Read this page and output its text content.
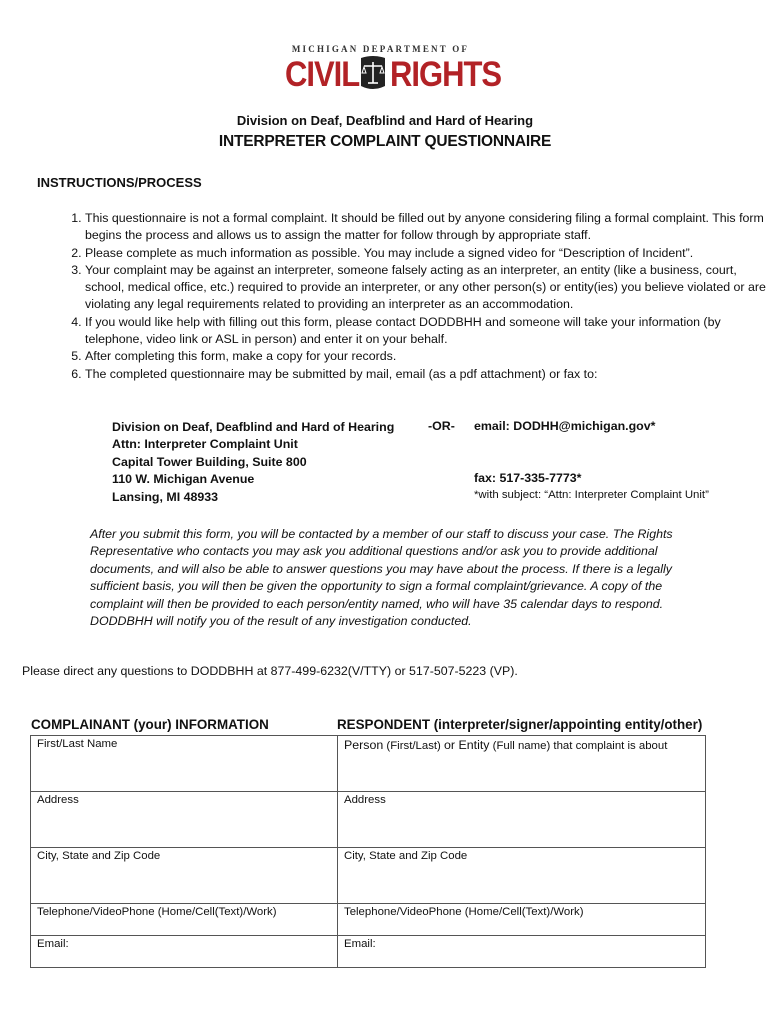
MICHIGAN DEPARTMENT OF
CIVIL RIGHTS
Division on Deaf, Deafblind and Hard of Hearing
INTERPRETER COMPLAINT QUESTIONNAIRE
INSTRUCTIONS/PROCESS
1. This questionnaire is not a formal complaint. It should be filled out by anyone considering filing a formal complaint. This form begins the process and allows us to assign the matter for follow through by appropriate staff.
2. Please complete as much information as possible. You may include a signed video for “Description of Incident”.
3. Your complaint may be against an interpreter, someone falsely acting as an interpreter, an entity (like a business, court, school, medical office, etc.) required to provide an interpreter, or any other person(s) or entity(ies) you believe violated or are violating any legal requirements related to providing an interpreter as an accommodation.
4. If you would like help with filling out this form, please contact DODDBHH and someone will take your information (by telephone, video link or ASL in person) and enter it on your behalf.
5. After completing this form, make a copy for your records.
6. The completed questionnaire may be submitted by mail, email (as a pdf attachment) or fax to:
Division on Deaf, Deafblind and Hard of Hearing
Attn: Interpreter Complaint Unit
Capital Tower Building, Suite 800
110 W. Michigan Avenue
Lansing, MI 48933
-OR- email: DODHH@michigan.gov*
fax: 517-335-7773*
*with subject: “Attn: Interpreter Complaint Unit”
After you submit this form, you will be contacted by a member of our staff to discuss your case. The Rights Representative who contacts you may ask you additional questions and/or ask you to provide additional documents, and will also be able to answer questions you may have about the process. If there is a legally sufficient basis, you will then be given the opportunity to sign a formal complaint/grievance. A copy of the complaint will then be provided to each person/entity named, who will have 35 calendar days to respond. DODDBHH will notify you of the result of any investigation conducted.
Please direct any questions to DODDBHH at 877-499-6232(V/TTY) or 517-507-5223 (VP).
COMPLAINANT (your) INFORMATION	RESPONDENT (interpreter/signer/appointing entity/other)
First/Last Name	Person (First/Last) or Entity (Full name) that complaint is about
Address	Address
City, State and Zip Code	City, State and Zip Code
Telephone/VideoPhone (Home/Cell(Text)/Work)	Telephone/VideoPhone (Home/Cell(Text)/Work)
Email:	Email:
